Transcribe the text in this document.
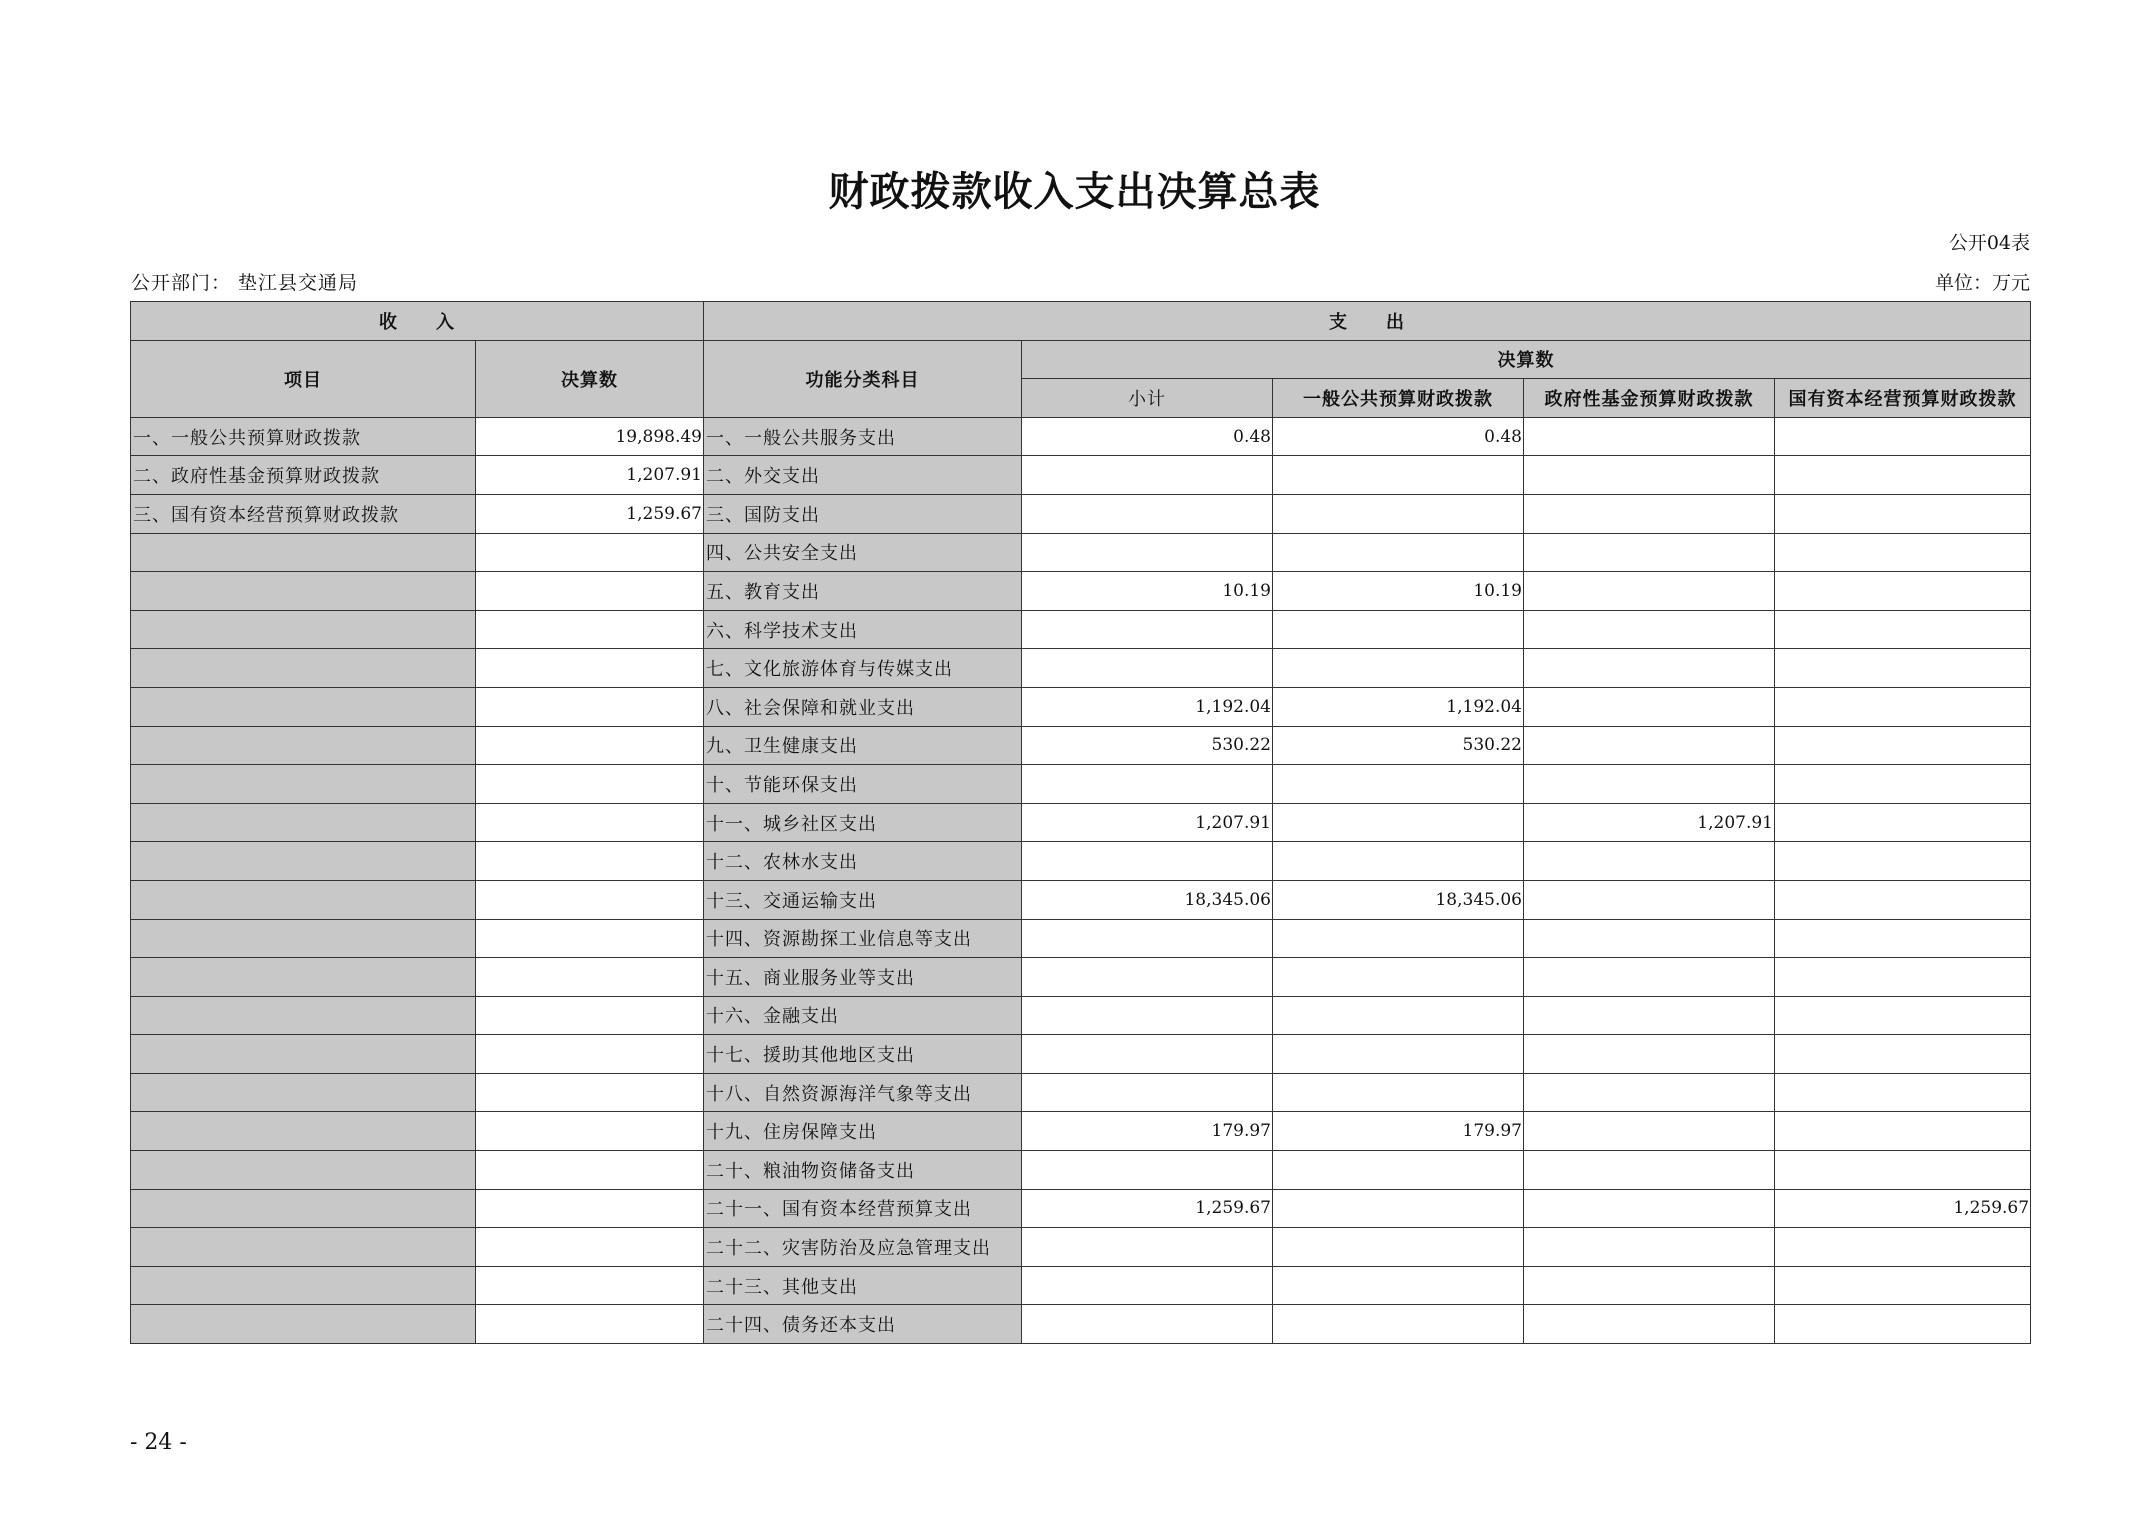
财政拨款收入支出决算总表
公开04表
公开部门： 垫江县交通局	单位：万元
收　　入		支　　出				
项目	决算数	功能分类科目	决算数			
			小计	一般公共预算财政拨款	政府性基金预算财政拨款	国有资本经营预算财政拨款
一、一般公共预算财政拨款	19,898.49	一、一般公共服务支出	0.48	0.48		
二、政府性基金预算财政拨款	1,207.91	二、外交支出				
三、国有资本经营预算财政拨款	1,259.67	三、国防支出				
		四、公共安全支出				
		五、教育支出	10.19	10.19		
		六、科学技术支出				
		七、文化旅游体育与传媒支出				
		八、社会保障和就业支出	1,192.04	1,192.04		
		九、卫生健康支出	530.22	530.22		
		十、节能环保支出				
		十一、城乡社区支出	1,207.91		1,207.91	
		十二、农林水支出				
		十三、交通运输支出	18,345.06	18,345.06		
		十四、资源勘探工业信息等支出				
		十五、商业服务业等支出				
		十六、金融支出				
		十七、援助其他地区支出				
		十八、自然资源海洋气象等支出				
		十九、住房保障支出	179.97	179.97		
		二十、粮油物资储备支出				
		二十一、国有资本经营预算支出	1,259.67			1,259.67
		二十二、灾害防治及应急管理支出				
		二十三、其他支出				
		二十四、债务还本支出				
- 24 -
